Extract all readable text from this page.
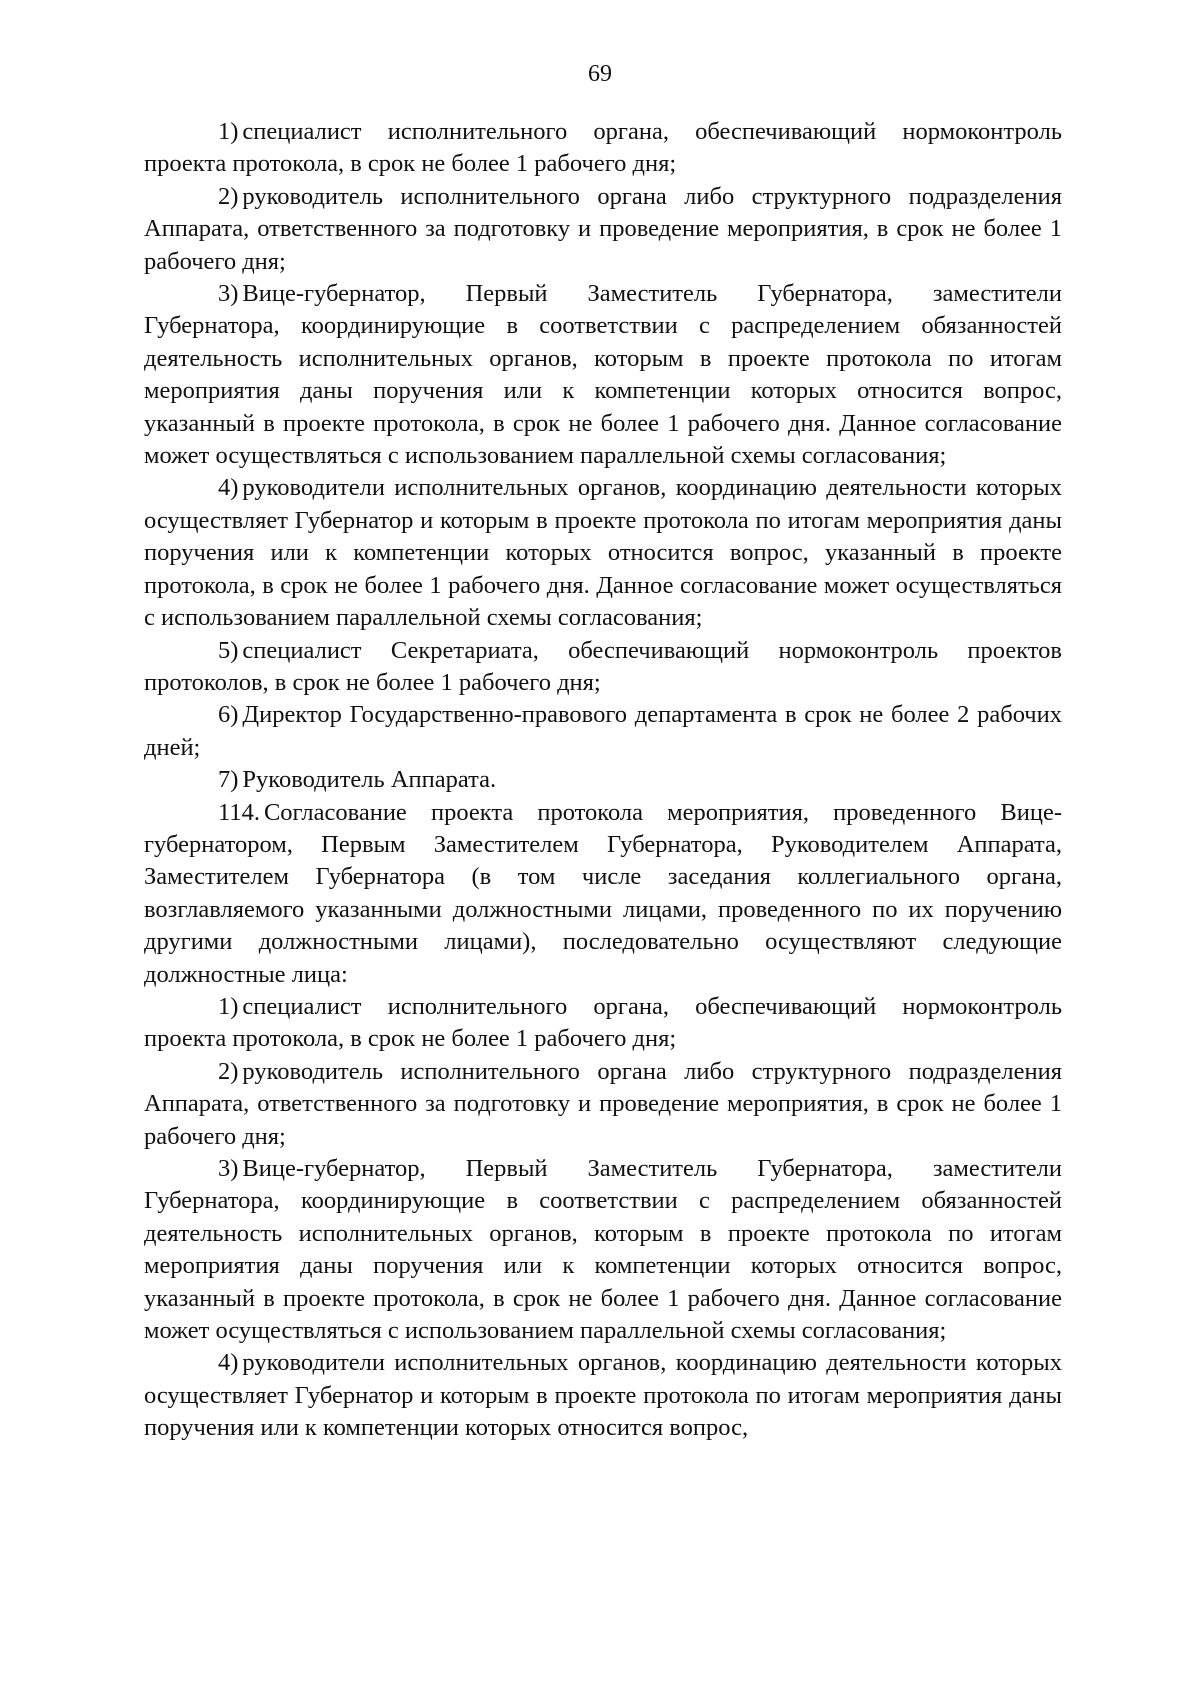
69

1) специалист исполнительного органа, обеспечивающий нормоконтроль проекта протокола, в срок не более 1 рабочего дня;

2) руководитель исполнительного органа либо структурного подразделения Аппарата, ответственного за подготовку и проведение мероприятия, в срок не более 1 рабочего дня;

3) Вице-губернатор, Первый Заместитель Губернатора, заместители Губернатора, координирующие в соответствии с распределением обязанностей деятельность исполнительных органов, которым в проекте протокола по итогам мероприятия даны поручения или к компетенции которых относится вопрос, указанный в проекте протокола, в срок не более 1 рабочего дня. Данное согласование может осуществляться с использованием параллельной схемы согласования;

4) руководители исполнительных органов, координацию деятельности которых осуществляет Губернатор и которым в проекте протокола по итогам мероприятия даны поручения или к компетенции которых относится вопрос, указанный в проекте протокола, в срок не более 1 рабочего дня. Данное согласование может осуществляться с использованием параллельной схемы согласования;

5) специалист Секретариата, обеспечивающий нормоконтроль проектов протоколов, в срок не более 1 рабочего дня;

6) Директор Государственно-правового департамента в срок не более 2 рабочих дней;

7) Руководитель Аппарата.

114. Согласование проекта протокола мероприятия, проведенного Вице-губернатором, Первым Заместителем Губернатора, Руководителем Аппарата, Заместителем Губернатора (в том числе заседания коллегиального органа, возглавляемого указанными должностными лицами, проведенного по их поручению другими должностными лицами), последовательно осуществляют следующие должностные лица:

1) специалист исполнительного органа, обеспечивающий нормоконтроль проекта протокола, в срок не более 1 рабочего дня;

2) руководитель исполнительного органа либо структурного подразделения Аппарата, ответственного за подготовку и проведение мероприятия, в срок не более 1 рабочего дня;

3) Вице-губернатор, Первый Заместитель Губернатора, заместители Губернатора, координирующие в соответствии с распределением обязанностей деятельность исполнительных органов, которым в проекте протокола по итогам мероприятия даны поручения или к компетенции которых относится вопрос, указанный в проекте протокола, в срок не более 1 рабочего дня. Данное согласование может осуществляться с использованием параллельной схемы согласования;

4) руководители исполнительных органов, координацию деятельности которых осуществляет Губернатор и которым в проекте протокола по итогам мероприятия даны поручения или к компетенции которых относится вопрос,
